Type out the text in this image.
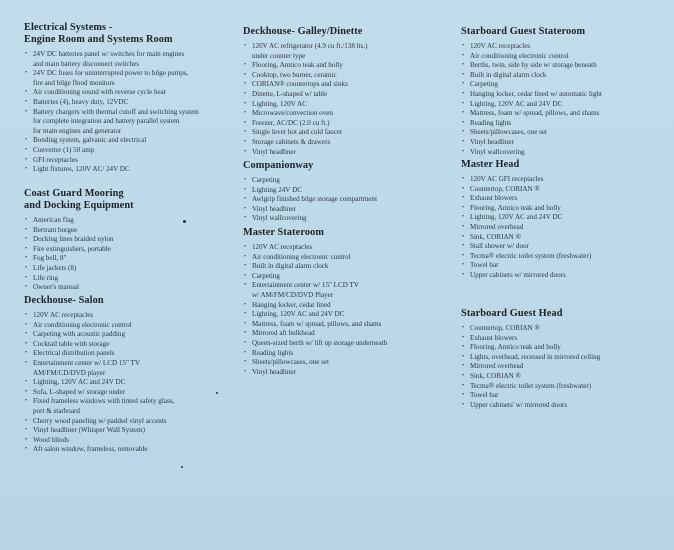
Electrical Systems -
Engine Room and Systems Room
• 24V DC batteries panel w/ switches for main engines
and main battery disconnect switches
• 24V DC fuses for uninterrupted power to bilge pumps,
fire and bilge flood monitors
• Air conditioning sound with reverse cycle heat
• Batteries (4), heavy duty, 12VDC
• Battery chargers with thermal cutoff and switching system
for complete integration and battery parallel system
for main engines and generator
• Bonding system, galvanic and electrical
• Converter (1) 50 amp
• GFI receptacles
• Light fixtures, 120V AC/ 24V DC
Coast Guard Mooring
and Docking Equipment
• American flag
• Bertram burgee
• Docking lines braided nylon
• Fire extinguishers, portable
• Fog bell, 8"
• Life jackets (8)
• Life ring
• Owner's manual
Deckhouse- Salon
• 120V AC receptacles
• Air conditioning electronic control
• Carpeting with acoustic padding
• Cocktail table with storage
• Electrical distribution panels
• Entertainment center w/ LCD 15" TV
AM/FM/CD/DVD player
• Lighting, 120V AC and 24V DC
• Sofa, L-shaped w/ storage under
• Fixed frameless windows with tinted safety glass,
port & starboard
• Cherry wood paneling w/ padded vinyl accents
• Vinyl headliner (Whisper Wall System)
• Wood blinds
• Aft salon window, frameless, removable
Deckhouse- Galley/Dinette
• 120V AC refrigerator (4.9 cu ft./138 lts.)
under counter type
• Flooring, Amtico teak and holly
• Cooktop, two burner, ceramic
• CORIAN® countertops and sinks
• Dinette, L-shaped w/ table
• Lighting, 120V AC
• Microwave/convection oven
• Freezer, AC/DC (2.0 cu ft.)
• Single lever hot and cold faucet
• Storage cabinets & drawers
• Vinyl headliner
Companionway
• Carpeting
• Lighting 24V DC
• Awlgrip finished bilge storage compartment
• Vinyl headliner
• Vinyl wallcovering
Master Stateroom
• 120V AC receptacles
• Air conditioning electronic control
• Built in digital alarm clock
• Carpeting
• Entertainment center w/ 15" LCD TV
w/ AM/FM/CD/DVD Player
• Hanging locker, cedar lined
• Lighting, 120V AC and 24V DC
• Mattress, foam w/ spread, pillows, and shams
• Mirrored aft bulkhead
• Queen-sized berth w/ lift up storage underneath
• Reading lights
• Sheets/pillowcases, one set
• Vinyl headliner
Starboard Guest Stateroom
• 120V AC receptacles
• Air conditioning electronic control
• Berths, twin, side by side w/ storage beneath
• Built in digital alarm clock
• Carpeting
• Hanging locker, cedar lined w/ automatic light
• Lighting, 120V AC and 24V DC
• Mattress, foam w/ spread, pillows, and shams
• Reading lights
• Sheets/pillowcases, one set
• Vinyl headliner
• Vinyl wallcovering
Master Head
• 120V AC GFI receptacles
• Countertop, CORIAN ®
• Exhaust blowers
• Flooring, Amtico teak and holly
• Lighting, 120V AC and 24V DC
• Mirrored overhead
• Sink, CORIAN ®
• Stall shower w/ door
• Tecma® electric toilet system (freshwater)
• Towel bar
• Upper cabinets w/ mirrored doors
Starboard Guest Head
• Countertop, CORIAN ®
• Exhaust blowers
• Flooring, Amtico teak and holly
• Lights, overhead, recessed in mirrored ceiling
• Mirrored overhead
• Sink, CORIAN ®
• Tecma® electric toilet system (freshwater)
• Towel bar
• Upper cabinets' w/ mirrored doors
